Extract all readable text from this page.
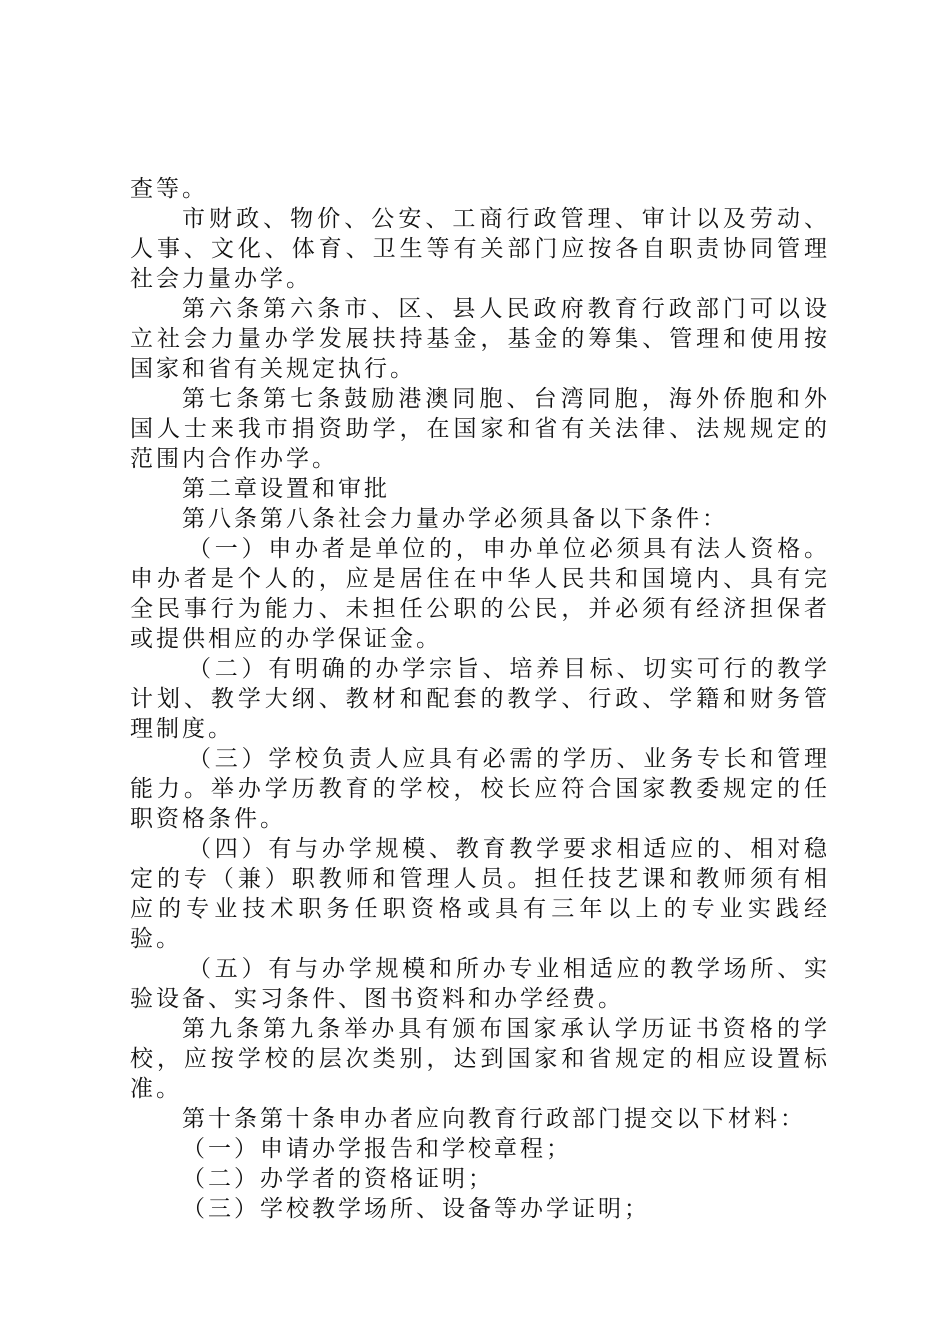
查等。

市财政、物价、公安、工商行政管理、审计以及劳动、人事、文化、体育、卫生等有关部门应按各自职责协同管理社会力量办学。

第六条第六条市、区、县人民政府教育行政部门可以设立社会力量办学发展扶持基金，基金的筹集、管理和使用按国家和省有关规定执行。

第七条第七条鼓励港澳同胞、台湾同胞，海外侨胞和外国人士来我市捐资助学，在国家和省有关法律、法规规定的范围内合作办学。

第二章设置和审批

第八条第八条社会力量办学必须具备以下条件：

（一）申办者是单位的，申办单位必须具有法人资格。申办者是个人的，应是居住在中华人民共和国境内、具有完全民事行为能力、未担任公职的公民，并必须有经济担保者或提供相应的办学保证金。

（二）有明确的办学宗旨、培养目标、切实可行的教学计划、教学大纲、教材和配套的教学、行政、学籍和财务管理制度。

（三）学校负责人应具有必需的学历、业务专长和管理能力。举办学历教育的学校，校长应符合国家教委规定的任职资格条件。

（四）有与办学规模、教育教学要求相适应的、相对稳定的专（兼）职教师和管理人员。担任技艺课和教师须有相应的专业技术职务任职资格或具有三年以上的专业实践经验。

（五）有与办学规模和所办专业相适应的教学场所、实验设备、实习条件、图书资料和办学经费。

第九条第九条举办具有颁布国家承认学历证书资格的学校，应按学校的层次类别，达到国家和省规定的相应设置标准。

第十条第十条申办者应向教育行政部门提交以下材料：

（一）申请办学报告和学校章程；

（二）办学者的资格证明；

（三）学校教学场所、设备等办学证明；
